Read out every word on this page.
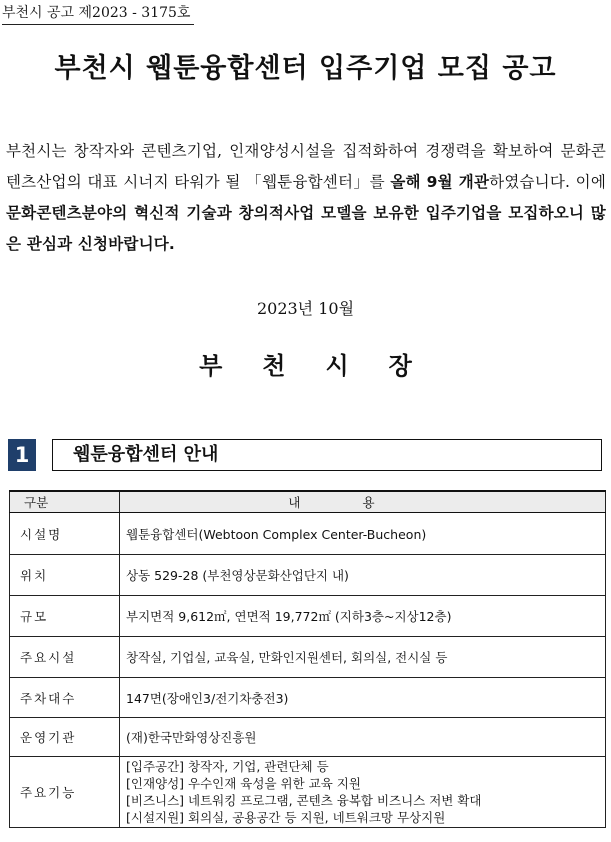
부천시 공고 제2023 - 3175호
부천시 웹툰융합센터 입주기업 모집 공고
부천시는 창작자와 콘텐츠기업, 인재양성시설을 집적화하여 경쟁력을 확보하여 문화콘텐츠산업의 대표 시너지 타워가 될 「웹툰융합센터」를 올해 9월 개관하였습니다. 이에 문화콘텐츠분야의 혁신적 기술과 창의적사업 모델을 보유한 입주기업을 모집하오니 많은 관심과 신청바랍니다.
2023년 10월
부천시장
1	웹툰융합센터 안내
구분	내용
시설명	웹툰융합센터(Webtoon Complex Center-Bucheon)
위치	상동 529-28 (부천영상문화산업단지 내)
규모	부지면적 9,612㎡, 연면적 19,772㎡ (지하3층~지상12층)
주요시설	창작실, 기업실, 교육실, 만화인지원센터, 회의실, 전시실 등
주차대수	147면(장애인3/전기차충전3)
운영기관	(재)한국만화영상진흥원
주요기능	[입주공간] 창작자, 기업, 관련단체 등
[인재양성] 우수인재 육성을 위한 교육 지원
[비즈니스] 네트워킹 프로그램, 콘텐츠 융복합 비즈니스 저변 확대
[시설지원] 회의실, 공용공간 등 지원, 네트워크망 무상지원
